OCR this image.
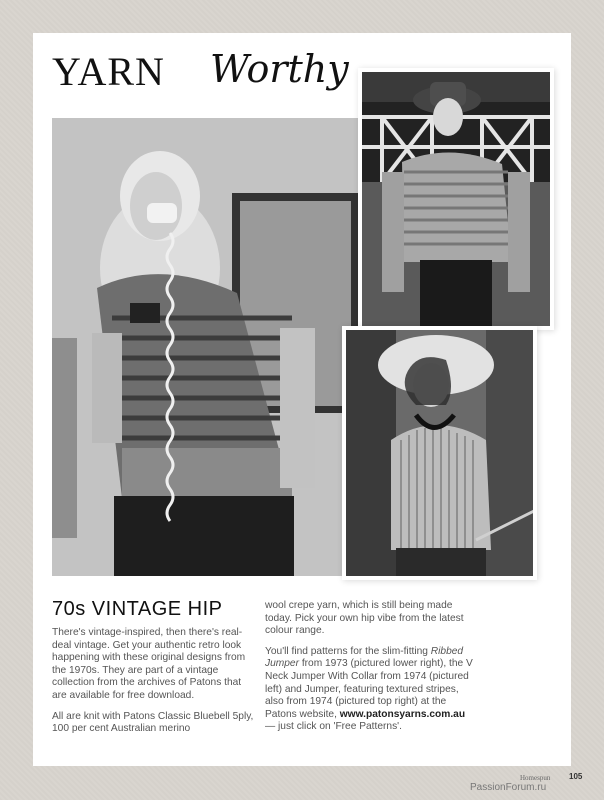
YARN Worthy
70s VINTAGE HIP

There's vintage-inspired, then there's real-deal vintage. Get your authentic retro look happening with these original designs from the 1970s. They are part of a vintage collection from the archives of Patons that are available for free download.

All are knit with Patons Classic Bluebell 5ply, 100 per cent Australian merino

wool crepe yarn, which is still being made today. Pick your own hip vibe from the latest colour range.

You'll find patterns for the slim-fitting Ribbed Jumper from 1973 (pictured lower right), the V Neck Jumper With Collar from 1974 (pictured left) and Jumper, featuring textured stripes, also from 1974 (pictured top right) at the Patons website, www.patonsyarns.com.au — just click on 'Free Patterns'.

Homespun 105
PassionForum.ru
